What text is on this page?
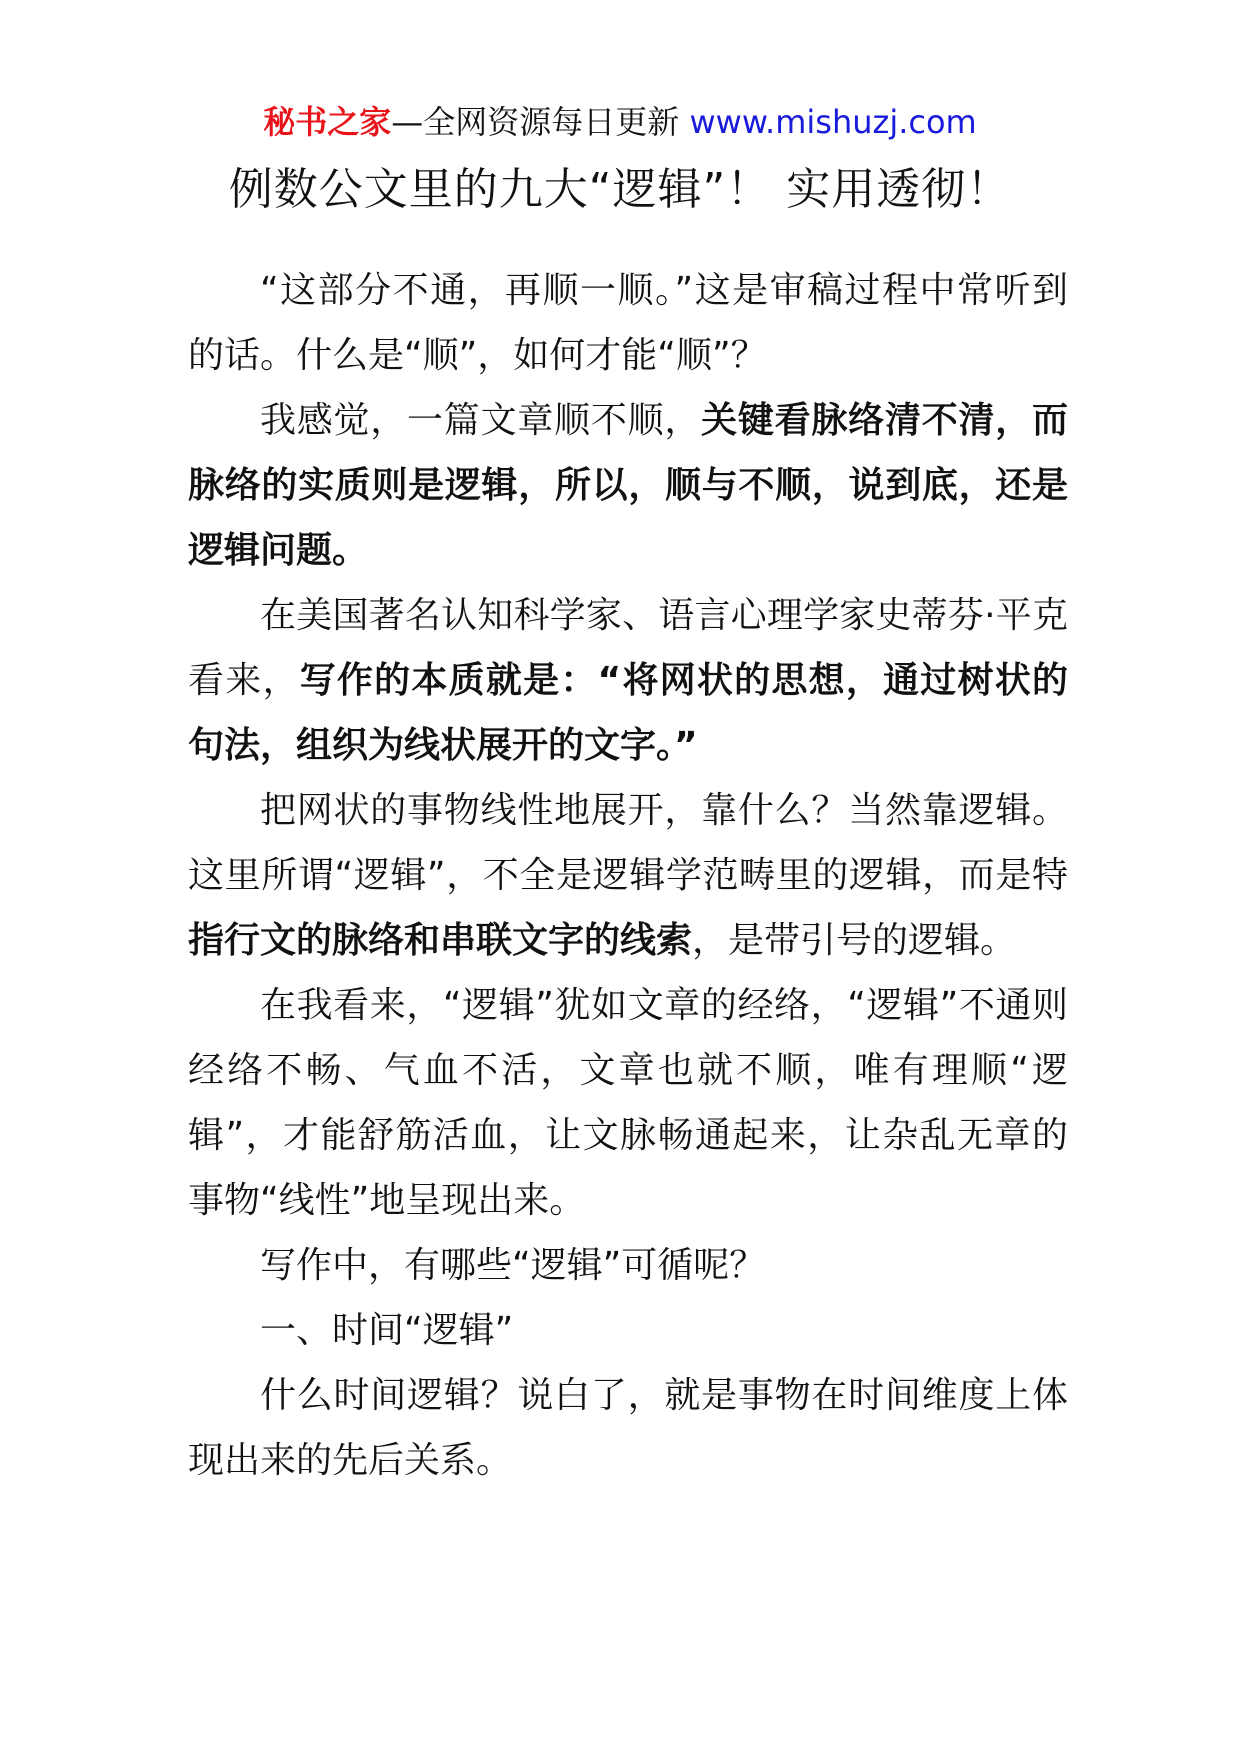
秘书之家—全网资源每日更新 www.mishuzj.com
例数公文里的九大“逻辑”！ 实用透彻！

“这部分不通，再顺一顺。”这是审稿过程中常听到的话。什么是“顺”，如何才能“顺”？

我感觉，一篇文章顺不顺，关键看脉络清不清，而脉络的实质则是逻辑，所以，顺与不顺，说到底，还是逻辑问题。

在美国著名认知科学家、语言心理学家史蒂芬·平克看来，写作的本质就是：“将网状的思想，通过树状的句法，组织为线状展开的文字。”

把网状的事物线性地展开，靠什么？当然靠逻辑。这里所谓“逻辑”，不全是逻辑学范畴里的逻辑，而是特指行文的脉络和串联文字的线索，是带引号的逻辑。

在我看来，“逻辑”犹如文章的经络，“逻辑”不通则经络不畅、气血不活，文章也就不顺，唯有理顺“逻辑”，才能舒筋活血，让文脉畅通起来，让杂乱无章的事物“线性”地呈现出来。

写作中，有哪些“逻辑”可循呢？

一、时间“逻辑”

什么时间逻辑？说白了，就是事物在时间维度上体现出来的先后关系。
